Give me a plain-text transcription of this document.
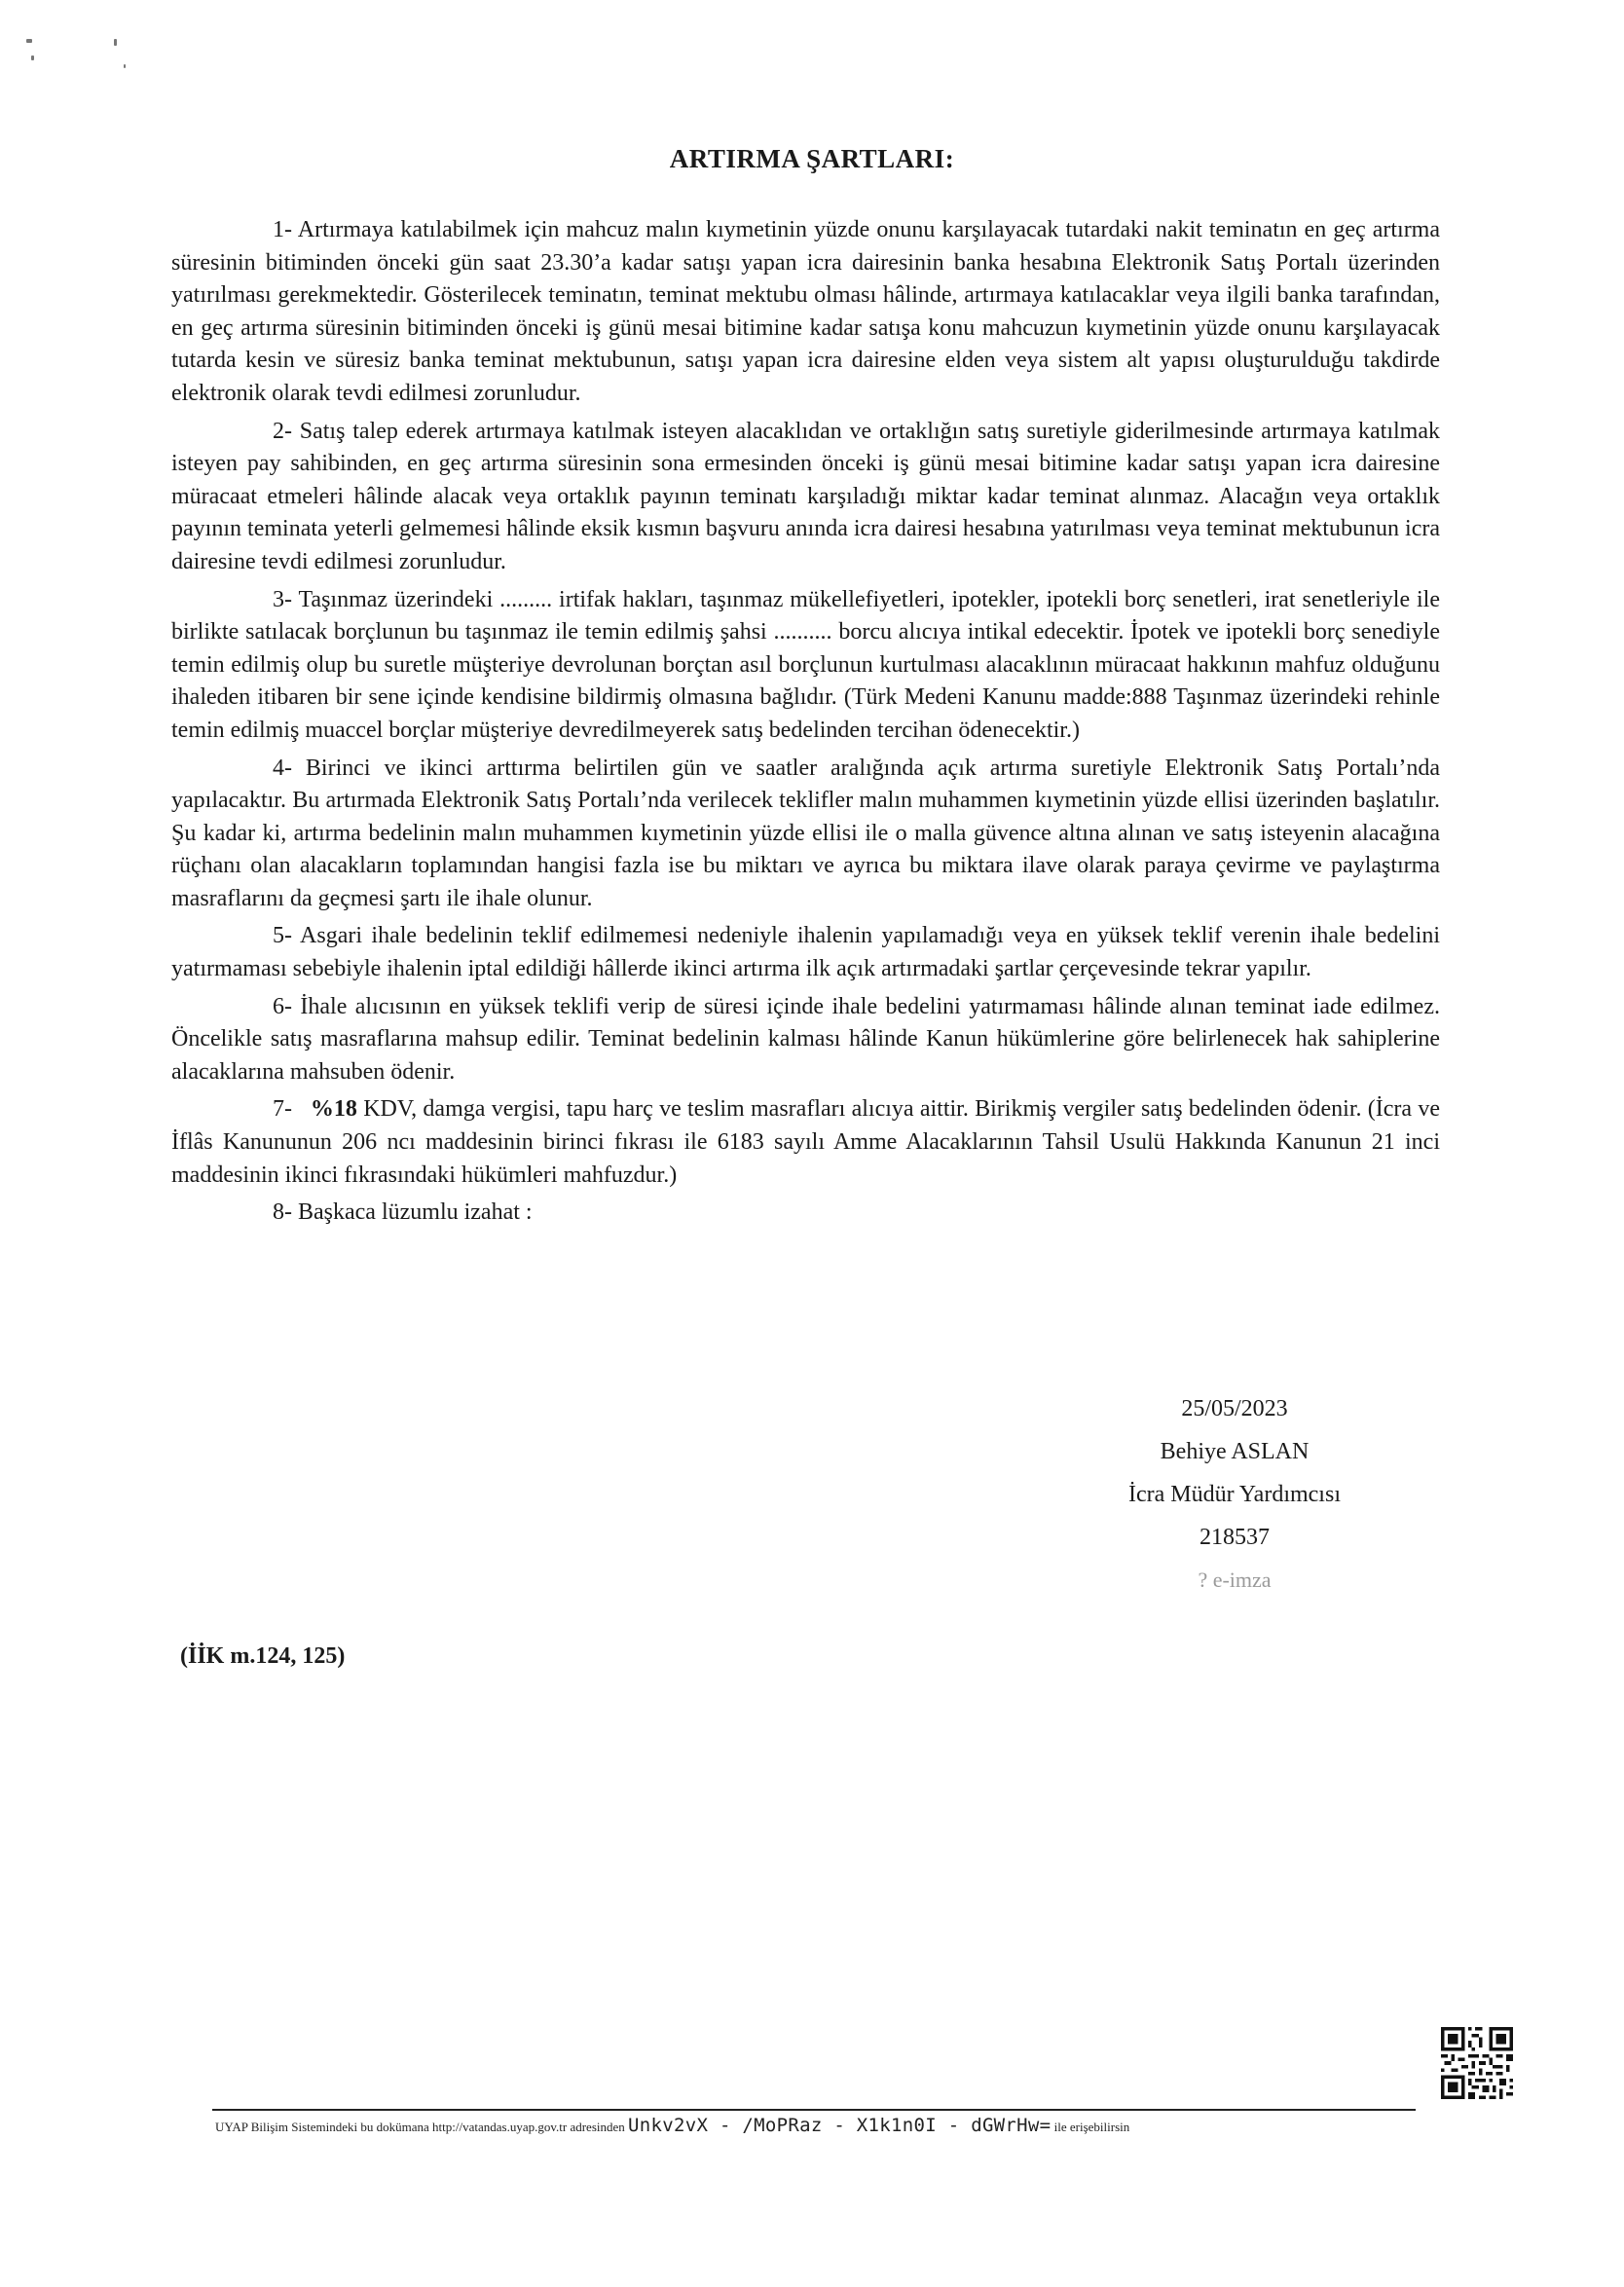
ARTIRMA ŞARTLARI:

1- Artırmaya katılabilmek için mahcuz malın kıymetinin yüzde onunu karşılayacak tutardaki nakit teminatın en geç artırma süresinin bitiminden önceki gün saat 23.30’a kadar satışı yapan icra dairesinin banka hesabına Elektronik Satış Portalı üzerinden yatırılması gerekmektedir. Gösterilecek teminatın, teminat mektubu olması hâlinde, artırmaya katılacaklar veya ilgili banka tarafından, en geç artırma süresinin bitiminden önceki iş günü mesai bitimine kadar satışa konu mahcuzun kıymetinin yüzde onunu karşılayacak tutarda kesin ve süresiz banka teminat mektubunun, satışı yapan icra dairesine elden veya sistem alt yapısı oluşturulduğu takdirde elektronik olarak tevdi edilmesi zorunludur.

2- Satış talep ederek artırmaya katılmak isteyen alacaklıdan ve ortaklığın satış suretiyle giderilmesinde artırmaya katılmak isteyen pay sahibinden, en geç artırma süresinin sona ermesinden önceki iş günü mesai bitimine kadar satışı yapan icra dairesine müracaat etmeleri hâlinde alacak veya ortaklık payının teminatı karşıladığı miktar kadar teminat alınmaz. Alacağın veya ortaklık payının teminata yeterli gelmemesi hâlinde eksik kısmın başvuru anında icra dairesi hesabına yatırılması veya teminat mektubunun icra dairesine tevdi edilmesi zorunludur.

3- Taşınmaz üzerindeki ......... irtifak hakları, taşınmaz mükellefiyetleri, ipotekler, ipotekli borç senetleri, irat senetleriyle ile birlikte satılacak borçlunun bu taşınmaz ile temin edilmiş şahsi .......... borcu alıcıya intikal edecektir. İpotek ve ipotekli borç senediyle temin edilmiş olup bu suretle müşteriye devrolunan borçtan asıl borçlunun kurtulması alacaklının müracaat hakkının mahfuz olduğunu ihaleden itibaren bir sene içinde kendisine bildirmiş olmasına bağlıdır. (Türk Medeni Kanunu madde:888 Taşınmaz üzerindeki rehinle temin edilmiş muaccel borçlar müşteriye devredilmeyerek satış bedelinden tercihan ödenecektir.)

4- Birinci ve ikinci arttırma belirtilen gün ve saatler aralığında açık artırma suretiyle Elektronik Satış Portalı’nda yapılacaktır. Bu artırmada Elektronik Satış Portalı’nda verilecek teklifler malın muhammen kıymetinin yüzde ellisi üzerinden başlatılır. Şu kadar ki, artırma bedelinin malın muhammen kıymetinin yüzde ellisi ile o malla güvence altına alınan ve satış isteyenin alacağına rüçhanı olan alacakların toplamından hangisi fazla ise bu miktarı ve ayrıca bu miktara ilave olarak paraya çevirme ve paylaştırma masraflarını da geçmesi şartı ile ihale olunur.

5- Asgari ihale bedelinin teklif edilmemesi nedeniyle ihalenin yapılamadığı veya en yüksek teklif verenin ihale bedelini yatırmaması sebebiyle ihalenin iptal edildiği hâllerde ikinci artırma ilk açık artırmadaki şartlar çerçevesinde tekrar yapılır.

6- İhale alıcısının en yüksek teklifi verip de süresi içinde ihale bedelini yatırmaması hâlinde alınan teminat iade edilmez. Öncelikle satış masraflarına mahsup edilir. Teminat bedelinin kalması hâlinde Kanun hükümlerine göre belirlenecek hak sahiplerine alacaklarına mahsuben ödenir.

7- %18 KDV, damga vergisi, tapu harç ve teslim masrafları alıcıya aittir. Birikmiş vergiler satış bedelinden ödenir. (İcra ve İflâs Kanununun 206 ncı maddesinin birinci fıkrası ile 6183 sayılı Amme Alacaklarının Tahsil Usulü Hakkında Kanunun 21 inci maddesinin ikinci fıkrasındaki hükümleri mahfuzdur.)

8- Başkaca lüzumlu izahat :

25/05/2023
Behiye ASLAN
İcra Müdür Yardımcısı
218537
? e-imza
(İİK m.124, 125)
UYAP Bilişim Sistemindeki bu dokümana http://vatandas.uyap.gov.tr adresinden Unkv2vX - /MoPRaz - X1k1n0I - dGWrHw= ile erişebilirsin
